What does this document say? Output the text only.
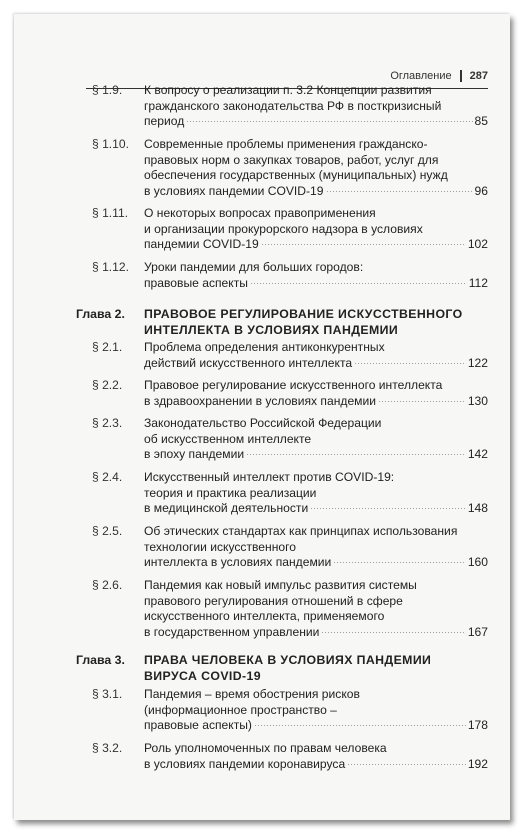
Оглавление 287
§ 1.9. К вопросу о реализации п. 3.2 Концепции развития
гражданского законодательства РФ в посткризисный
период	85
§ 1.10. Современные проблемы применения гражданско-
правовых норм о закупках товаров, работ, услуг для
обеспечения государственных (муниципальных) нужд
в условиях пандемии COVID-19	96
§ 1.11. О некоторых вопросах правоприменения
и организации прокурорского надзора в условиях
пандемии COVID-19	102
§ 1.12. Уроки пандемии для больших городов:
правовые аспекты	112
Глава 2. ПРАВОВОЕ РЕГУЛИРОВАНИЕ ИСКУССТВЕННОГО
ИНТЕЛЛЕКТА В УСЛОВИЯХ ПАНДЕМИИ
§ 2.1. Проблема определения антиконкурентных
действий искусственного интеллекта	122
§ 2.2. Правовое регулирование искусственного интеллекта
в здравоохранении в условиях пандемии	130
§ 2.3. Законодательство Российской Федерации
об искусственном интеллекте
в эпоху пандемии	142
§ 2.4. Искусственный интеллект против COVID-19:
теория и практика реализации
в медицинской деятельности	148
§ 2.5. Об этических стандартах как принципах использования
технологии искусственного
интеллекта в условиях пандемии	160
§ 2.6. Пандемия как новый импульс развития системы
правового регулирования отношений в сфере
искусственного интеллекта, применяемого
в государственном управлении	167
Глава 3. ПРАВА ЧЕЛОВЕКА В УСЛОВИЯХ ПАНДЕМИИ
ВИРУСА COVID-19
§ 3.1. Пандемия – время обострения рисков
(информационное пространство –
правовые аспекты)	178
§ 3.2. Роль уполномоченных по правам человека
в условиях пандемии коронавируса	192
